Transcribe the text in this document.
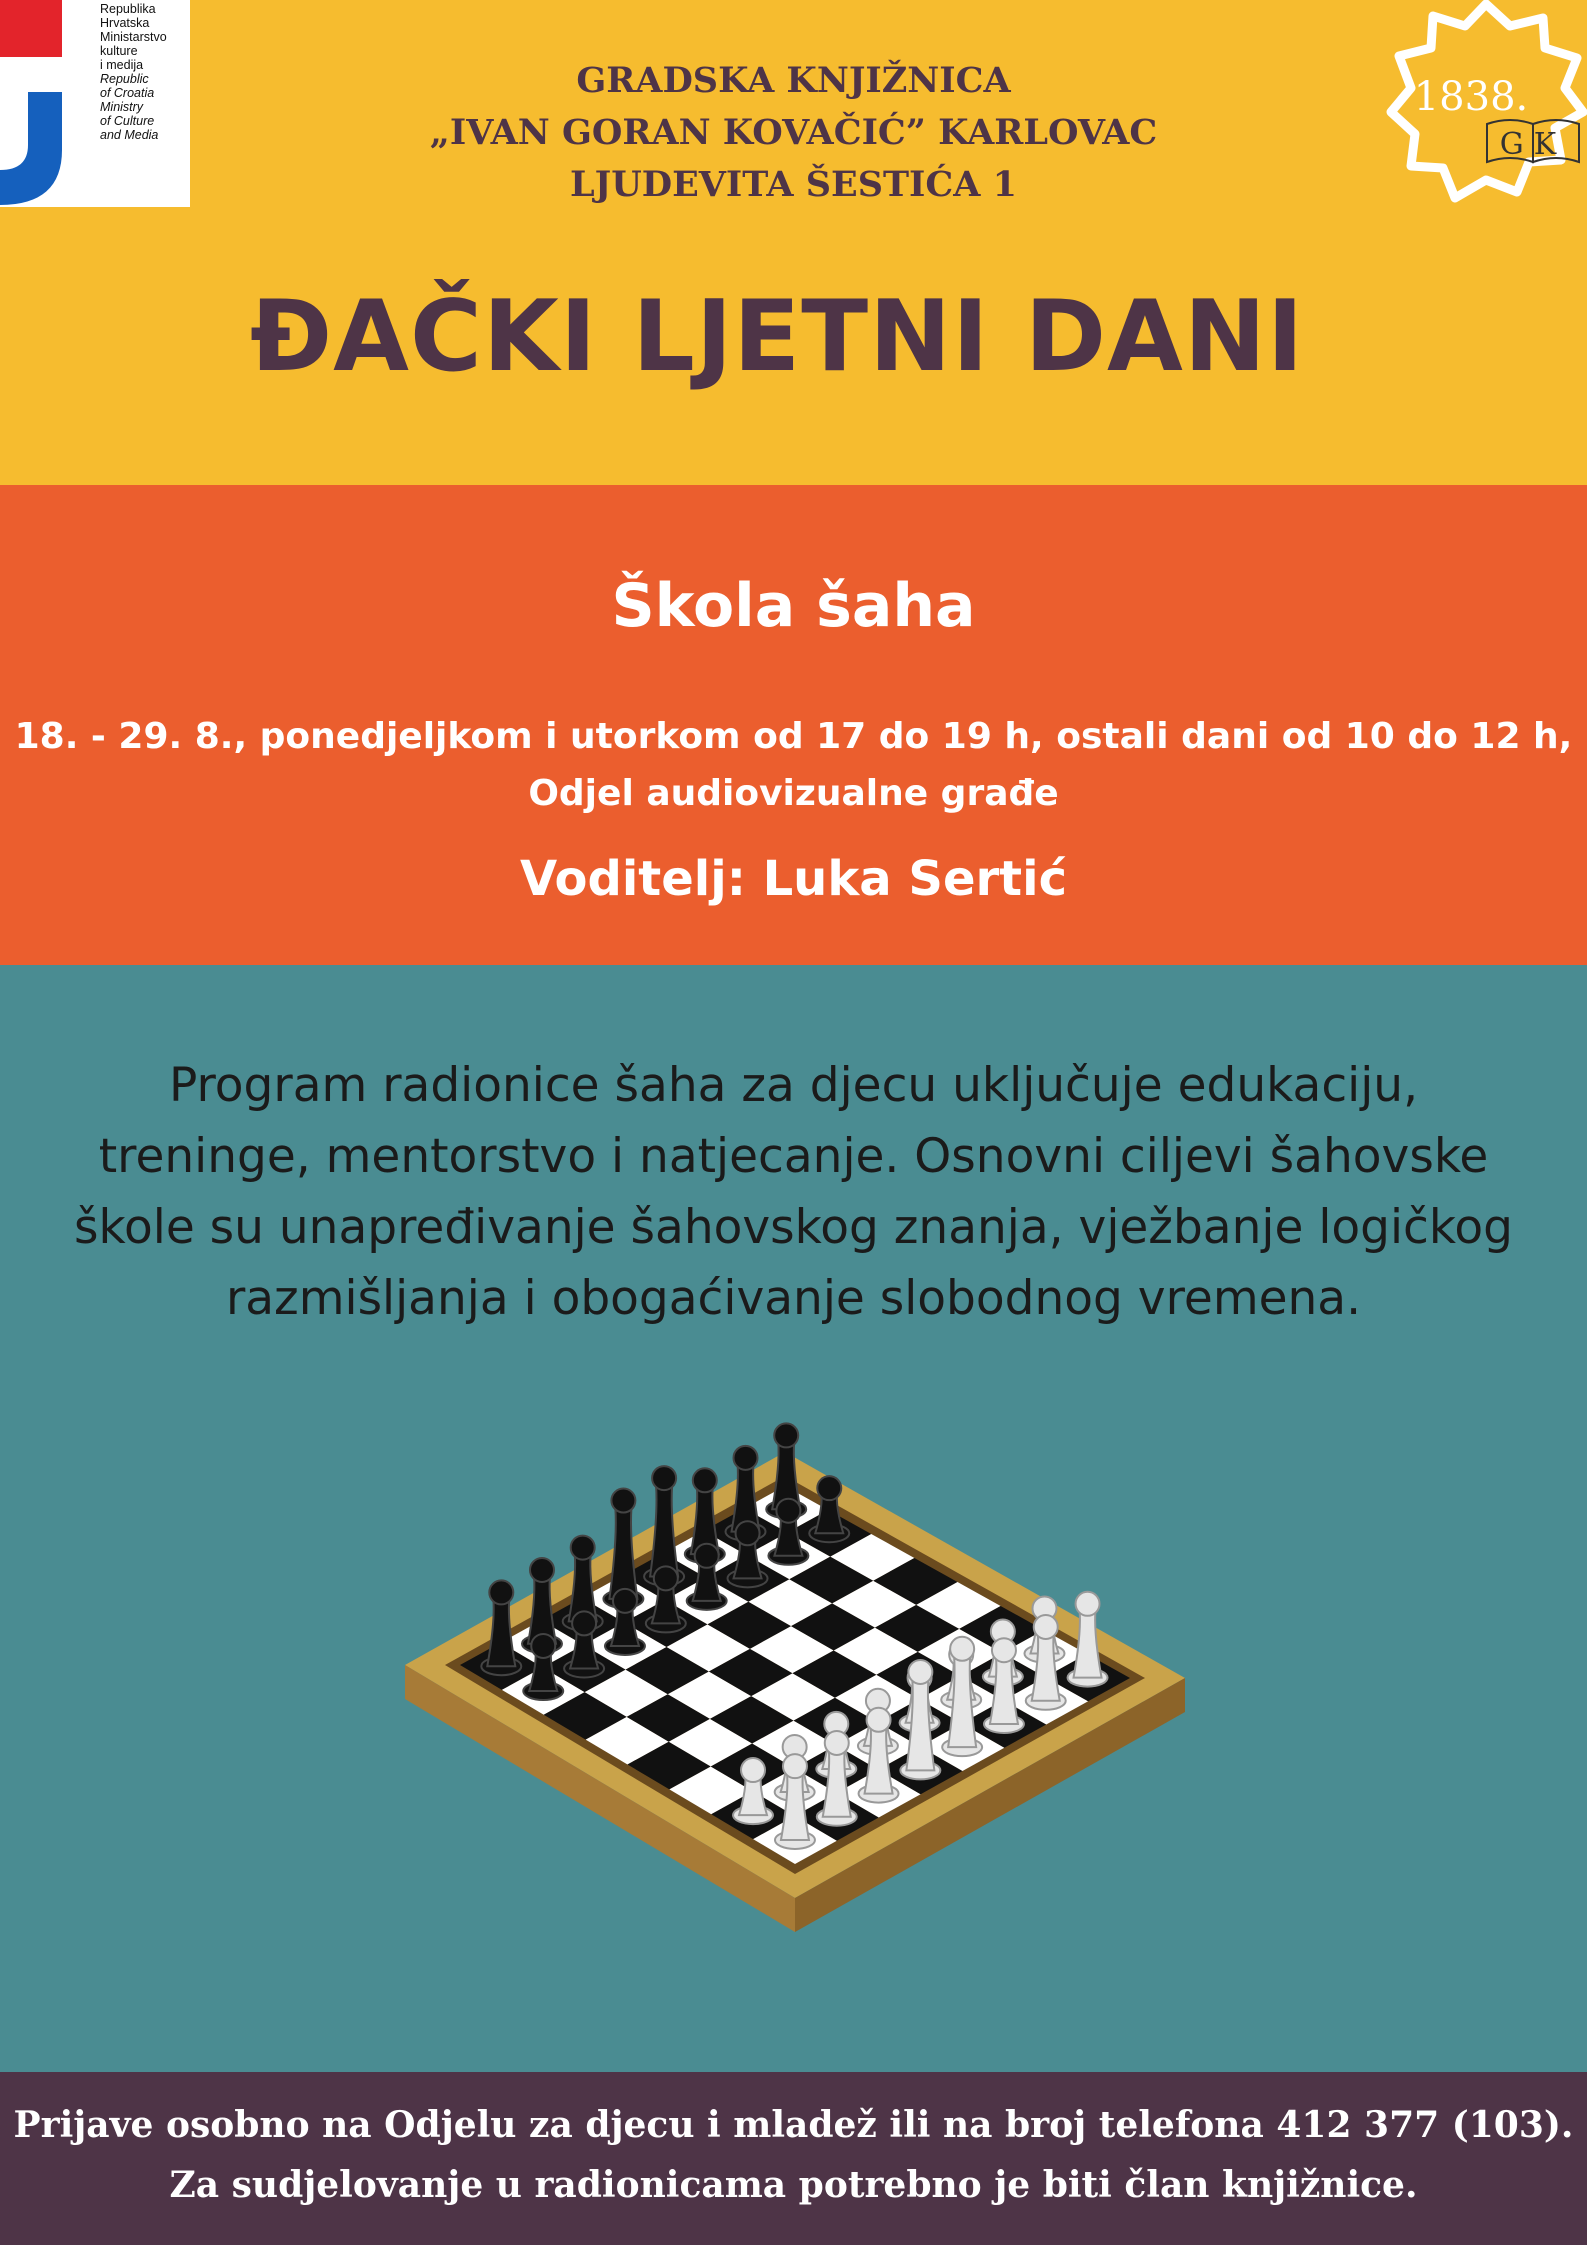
Republika
Hrvatska
Ministarstvo
kulture
i medija
Republic
of Croatia
Ministry
of Culture
and Media
GRADSKA KNJIŽNICA
„IVAN GORAN KOVAČIĆ” KARLOVAC
LJUDEVITA ŠESTIĆA 1
1838.
GK
ĐAČKI LJETNI DANI
Škola šaha
18. - 29. 8., ponedjeljkom i utorkom od 17 do 19 h, ostali dani od 10 do 12 h,
Odjel audiovizualne građe
Voditelj: Luka Sertić
Program radionice šaha za djecu uključuje edukaciju,
treninge, mentorstvo i natjecanje. Osnovni ciljevi šahovske
škole su unapređivanje šahovskog znanja, vježbanje logičkog
razmišljanja i obogaćivanje slobodnog vremena.
Prijave osobno na Odjelu za djecu i mladež ili na broj telefona 412 377 (103).
Za sudjelovanje u radionicama potrebno je biti član knjižnice.
